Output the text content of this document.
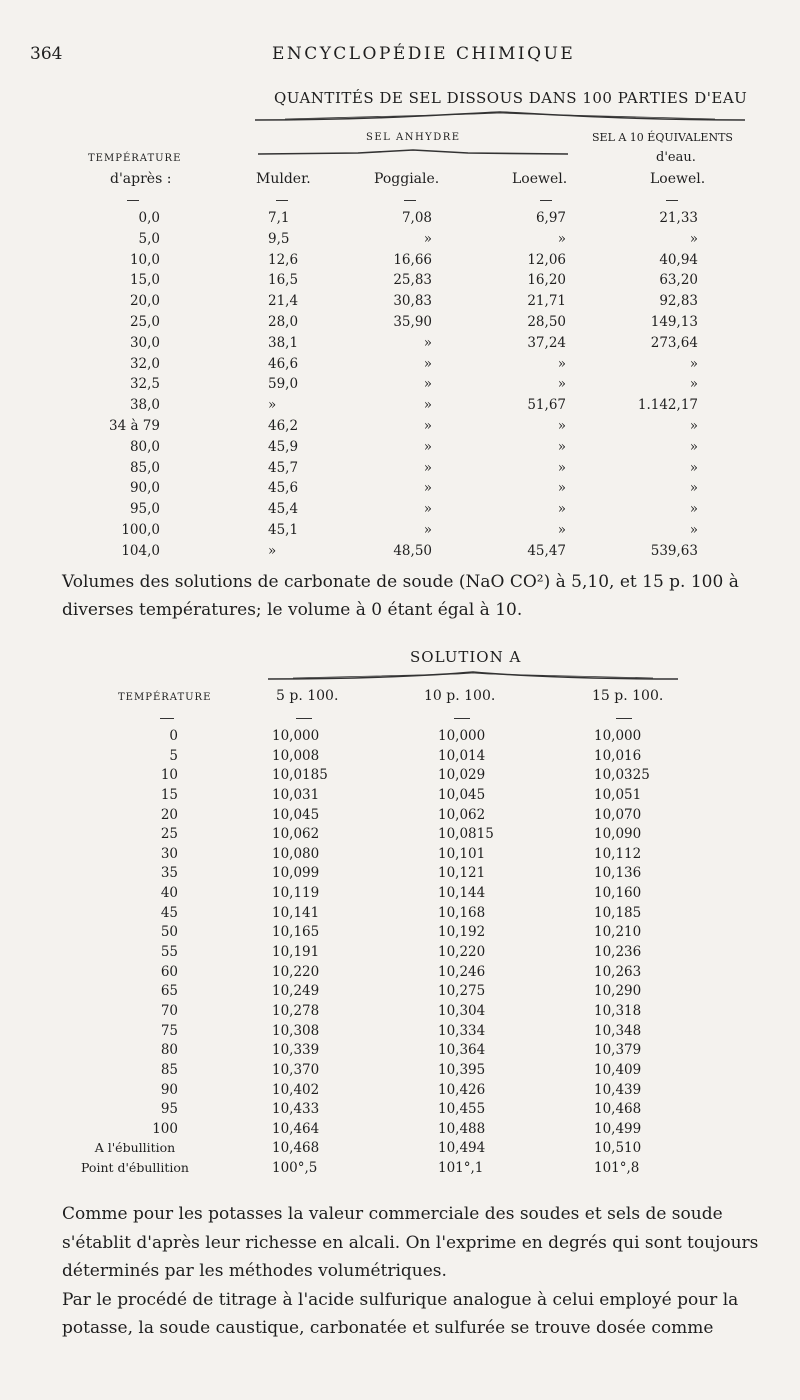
364	ENCYCLOPÉDIE CHIMIQUE
QUANTITÉS DE SEL DISSOUS DANS 100 PARTIES D'EAU
SEL ANHYDRE	SEL A 10 ÉQUIVALENTS
d'eau.
TEMPÉRATURE
d'après :	Mulder.	Poggiale.	Loewel.	Loewel.
0,0	7,1	7,08	6,97	21,33
5,0	9,5	»	»	»
10,0	12,6	16,66	12,06	40,94
15,0	16,5	25,83	16,20	63,20
20,0	21,4	30,83	21,71	92,83
25,0	28,0	35,90	28,50	149,13
30,0	38,1	»	37,24	273,64
32,0	46,6	»	»	»
32,5	59,0	»	»	»
38,0	»	»	51,67	1.142,17
34 à 79	46,2	»	»	»
80,0	45,9	»	»	»
85,0	45,7	»	»	»
90,0	45,6	»	»	»
95,0	45,4	»	»	»
100,0	45,1	»	»	»
104,0	»	48,50	45,47	539,63
Volumes des solutions de carbonate de soude (NaO CO²) à 5,10, et 15 p. 100 à diverses températures; le volume à 0 étant égal à 10.
SOLUTION A
TEMPÉRATURE	5 p. 100.	10 p. 100.	15 p. 100.
0	10,000	10,000	10,000
5	10,008	10,014	10,016
10	10,0185	10,029	10,0325
15	10,031	10,045	10,051
20	10,045	10,062	10,070
25	10,062	10,0815	10,090
30	10,080	10,101	10,112
35	10,099	10,121	10,136
40	10,119	10,144	10,160
45	10,141	10,168	10,185
50	10,165	10,192	10,210
55	10,191	10,220	10,236
60	10,220	10,246	10,263
65	10,249	10,275	10,290
70	10,278	10,304	10,318
75	10,308	10,334	10,348
80	10,339	10,364	10,379
85	10,370	10,395	10,409
90	10,402	10,426	10,439
95	10,433	10,455	10,468
100	10,464	10,488	10,499
A l'ébullition	10,468	10,494	10,510
Point d'ébullition	100°,5	101°,1	101°,8

Comme pour les potasses la valeur commerciale des soudes et sels de soude s'établit d'après leur richesse en alcali. On l'exprime en degrés qui sont toujours déterminés par les méthodes volumétriques.

Par le procédé de titrage à l'acide sulfurique analogue à celui employé pour la potasse, la soude caustique, carbonatée et sulfurée se trouve dosée comme
